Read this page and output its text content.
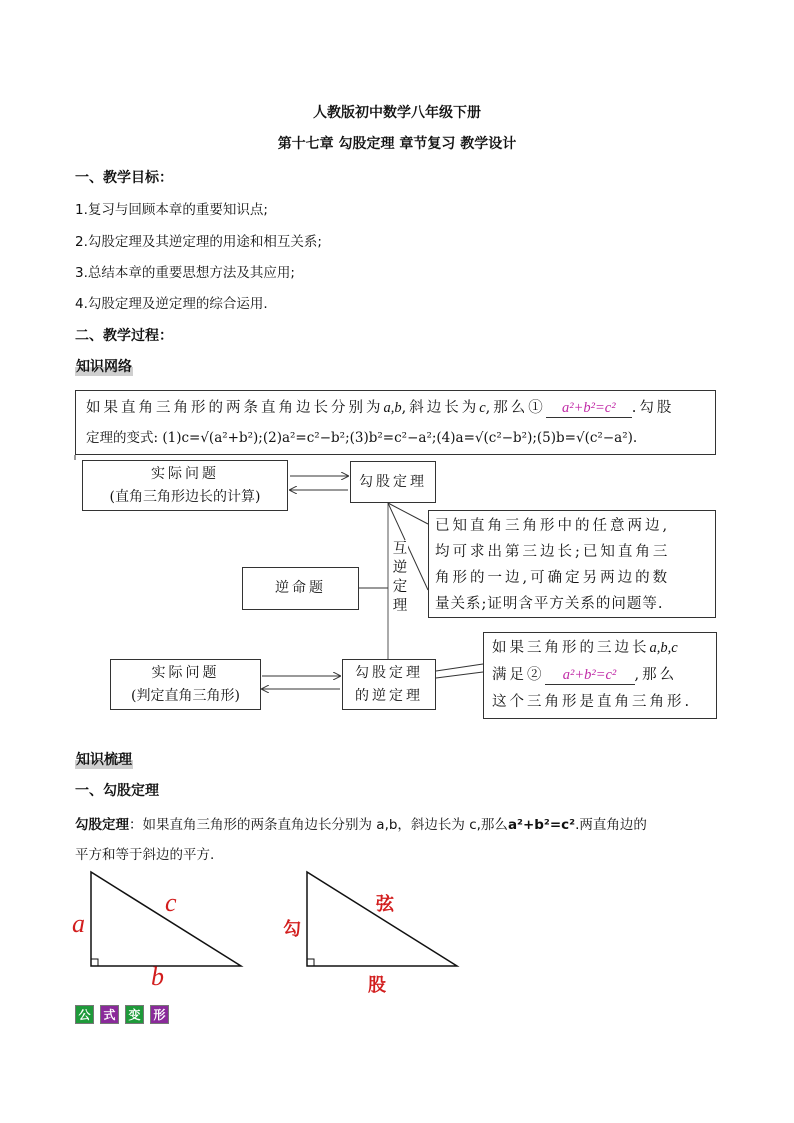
人教版初中数学八年级下册
第十七章 勾股定理 章节复习 教学设计
一、教学目标：
1.复习与回顾本章的重要知识点;
2.勾股定理及其逆定理的用途和相互关系;
3.总结本章的重要思想方法及其应用;
4.勾股定理及逆定理的综合运用.
二、教学过程：
知识网络
如果直角三角形的两条直角边长分别为a,b,斜边长为c,那么① a²+b²=c² .勾股
定理的变式: (1)c=√(a²+b²);(2)a²=c²−b²;(3)b²=c²−a²;(4)a=√(c²−b²);(5)b=√(c²−a²).
实际问题
(直角三角形边长的计算)
勾股定理
已知直角三角形中的任意两边,
均可求出第三边长;已知直角三
角形的一边,可确定另两边的数
量关系;证明含平方关系的问题等.
互逆定理
逆命题
如果三角形的三边长a,b,c
满足② a²+b²=c² ,那么
这个三角形是直角三角形.
实际问题
(判定直角三角形)
勾股定理
的逆定理
知识梳理
一、勾股定理
勾股定理：如果直角三角形的两条直角边长分别为 a,b，斜边长为 c,那么a²+b²=c².两直角边的
平方和等于斜边的平方.
a
b
c
勾
股
弦
公 式 变 形
